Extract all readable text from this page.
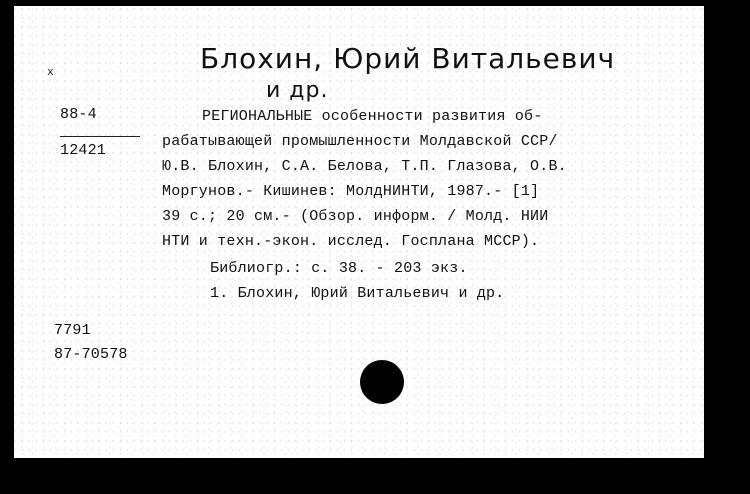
х	Блохин, Юрий Витальевич
и др.
88-4
12421
РЕГИОНАЛЬНЫЕ особенности развития об-
рабатывающей промышленности Молдавской ССР/
Ю.В. Блохин, С.А. Белова, Т.П. Глазова, О.В.
Моргунов.- Кишинев: МолдНИНТИ, 1987.- [1]
39 с.; 20 см.- (Обзор. информ. / Молд. НИИ
НТИ и техн.-экон. исслед. Госплана МССР).
Библиогр.: с. 38. - 203 экз.
1. Блохин, Юрий Витальевич и др.
7791
87-70578
